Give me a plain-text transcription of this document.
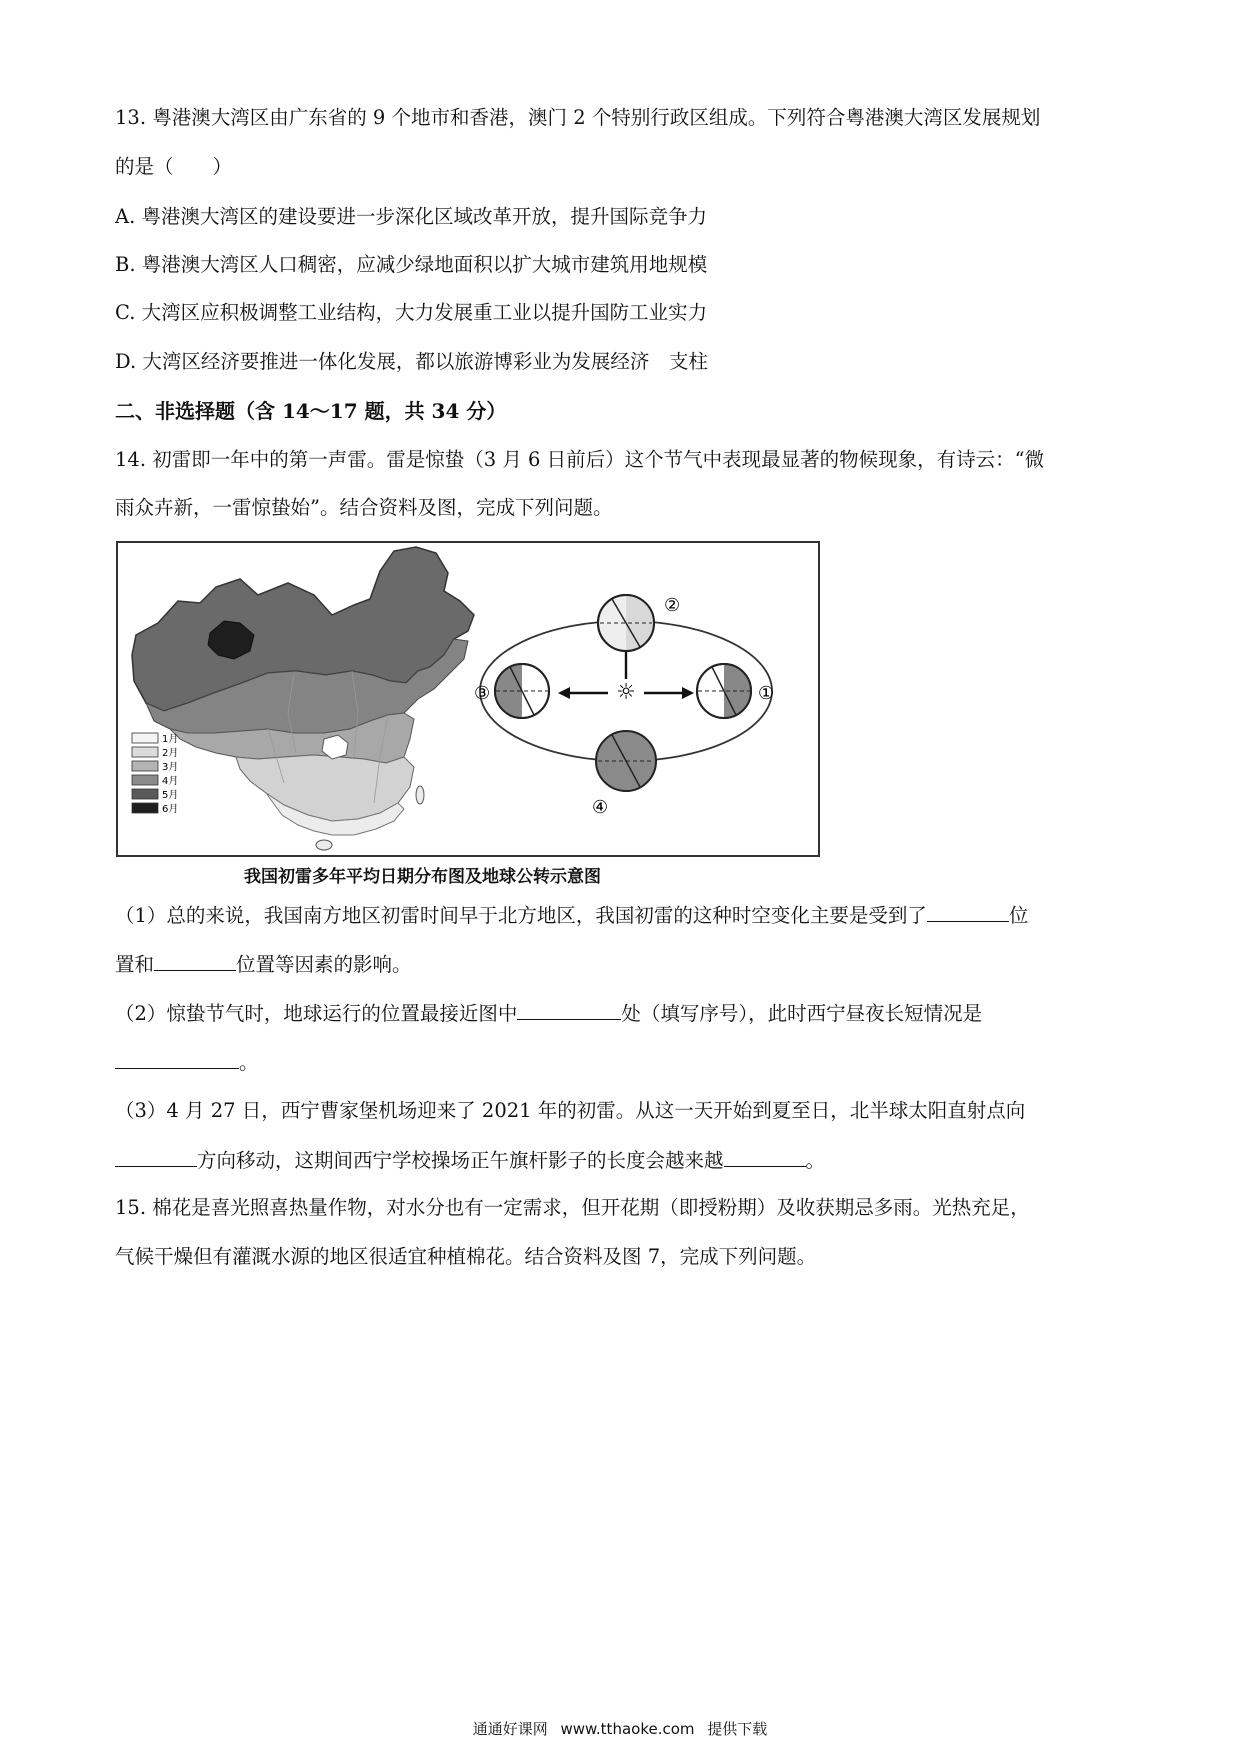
13. 粤港澳大湾区由广东省的 9 个地市和香港，澳门 2 个特别行政区组成。下列符合粤港澳大湾区发展规划
的是（　　）
A. 粤港澳大湾区的建设要进一步深化区域改革开放，提升国际竞争力
B. 粤港澳大湾区人口稠密，应减少绿地面积以扩大城市建筑用地规模
C. 大湾区应积极调整工业结构，大力发展重工业以提升国防工业实力
D. 大湾区经济要推进一体化发展，都以旅游博彩业为发展经济　支柱
二、非选择题（含 14～17 题，共 34 分）
14. 初雷即一年中的第一声雷。雷是惊蛰（3 月 6 日前后）这个节气中表现最显著的物候现象，有诗云：“微
雨众卉新，一雷惊蛰始”。结合资料及图，完成下列问题。
1月
2月
3月
4月
5月
6月
☼
②
①
③
④
我国初雷多年平均日期分布图及地球公转示意图
（1）总的来说，我国南方地区初雷时间早于北方地区，我国初雷的这种时空变化主要是受到了	位
置和	位置等因素的影响。
（2）惊蛰节气时，地球运行的位置最接近图中	处（填写序号），此时西宁昼夜长短情况是
。
（3）4 月 27 日，西宁曹家堡机场迎来了 2021 年的初雷。从这一天开始到夏至日，北半球太阳直射点向
方向移动，这期间西宁学校操场正午旗杆影子的长度会越来越	。
15. 棉花是喜光照喜热量作物，对水分也有一定需求，但开花期（即授粉期）及收获期忌多雨。光热充足，
气候干燥但有灌溉水源的地区很适宜种植棉花。结合资料及图 7，完成下列问题。
通通好课网 www.tthaoke.com 提供下载
